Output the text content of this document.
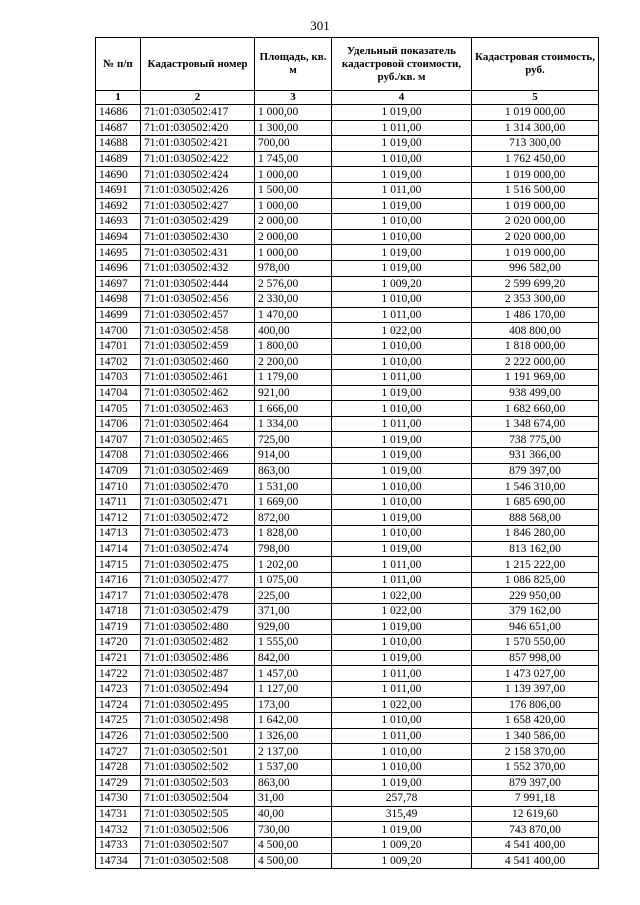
301
№ п/п	Кадастровый номер	Площадь, кв. м	Удельный показатель кадастровой стоимости, руб./кв. м	Кадастровая стоимость, руб.
1	2	3	4	5
14686	71:01:030502:417	1 000,00	1 019,00	1 019 000,00
14687	71:01:030502:420	1 300,00	1 011,00	1 314 300,00
14688	71:01:030502:421	700,00	1 019,00	713 300,00
14689	71:01:030502:422	1 745,00	1 010,00	1 762 450,00
14690	71:01:030502:424	1 000,00	1 019,00	1 019 000,00
14691	71:01:030502:426	1 500,00	1 011,00	1 516 500,00
14692	71:01:030502:427	1 000,00	1 019,00	1 019 000,00
14693	71:01:030502:429	2 000,00	1 010,00	2 020 000,00
14694	71:01:030502:430	2 000,00	1 010,00	2 020 000,00
14695	71:01:030502:431	1 000,00	1 019,00	1 019 000,00
14696	71:01:030502:432	978,00	1 019,00	996 582,00
14697	71:01:030502:444	2 576,00	1 009,20	2 599 699,20
14698	71:01:030502:456	2 330,00	1 010,00	2 353 300,00
14699	71:01:030502:457	1 470,00	1 011,00	1 486 170,00
14700	71:01:030502:458	400,00	1 022,00	408 800,00
14701	71:01:030502:459	1 800,00	1 010,00	1 818 000,00
14702	71:01:030502:460	2 200,00	1 010,00	2 222 000,00
14703	71:01:030502:461	1 179,00	1 011,00	1 191 969,00
14704	71:01:030502:462	921,00	1 019,00	938 499,00
14705	71:01:030502:463	1 666,00	1 010,00	1 682 660,00
14706	71:01:030502:464	1 334,00	1 011,00	1 348 674,00
14707	71:01:030502:465	725,00	1 019,00	738 775,00
14708	71:01:030502:466	914,00	1 019,00	931 366,00
14709	71:01:030502:469	863,00	1 019,00	879 397,00
14710	71:01:030502:470	1 531,00	1 010,00	1 546 310,00
14711	71:01:030502:471	1 669,00	1 010,00	1 685 690,00
14712	71:01:030502:472	872,00	1 019,00	888 568,00
14713	71:01:030502:473	1 828,00	1 010,00	1 846 280,00
14714	71:01:030502:474	798,00	1 019,00	813 162,00
14715	71:01:030502:475	1 202,00	1 011,00	1 215 222,00
14716	71:01:030502:477	1 075,00	1 011,00	1 086 825,00
14717	71:01:030502:478	225,00	1 022,00	229 950,00
14718	71:01:030502:479	371,00	1 022,00	379 162,00
14719	71:01:030502:480	929,00	1 019,00	946 651,00
14720	71:01:030502:482	1 555,00	1 010,00	1 570 550,00
14721	71:01:030502:486	842,00	1 019,00	857 998,00
14722	71:01:030502:487	1 457,00	1 011,00	1 473 027,00
14723	71:01:030502:494	1 127,00	1 011,00	1 139 397,00
14724	71:01:030502:495	173,00	1 022,00	176 806,00
14725	71:01:030502:498	1 642,00	1 010,00	1 658 420,00
14726	71:01:030502:500	1 326,00	1 011,00	1 340 586,00
14727	71:01:030502:501	2 137,00	1 010,00	2 158 370,00
14728	71:01:030502:502	1 537,00	1 010,00	1 552 370,00
14729	71:01:030502:503	863,00	1 019,00	879 397,00
14730	71:01:030502:504	31,00	257,78	7 991,18
14731	71:01:030502:505	40,00	315,49	12 619,60
14732	71:01:030502:506	730,00	1 019,00	743 870,00
14733	71:01:030502:507	4 500,00	1 009,20	4 541 400,00
14734	71:01:030502:508	4 500,00	1 009,20	4 541 400,00
